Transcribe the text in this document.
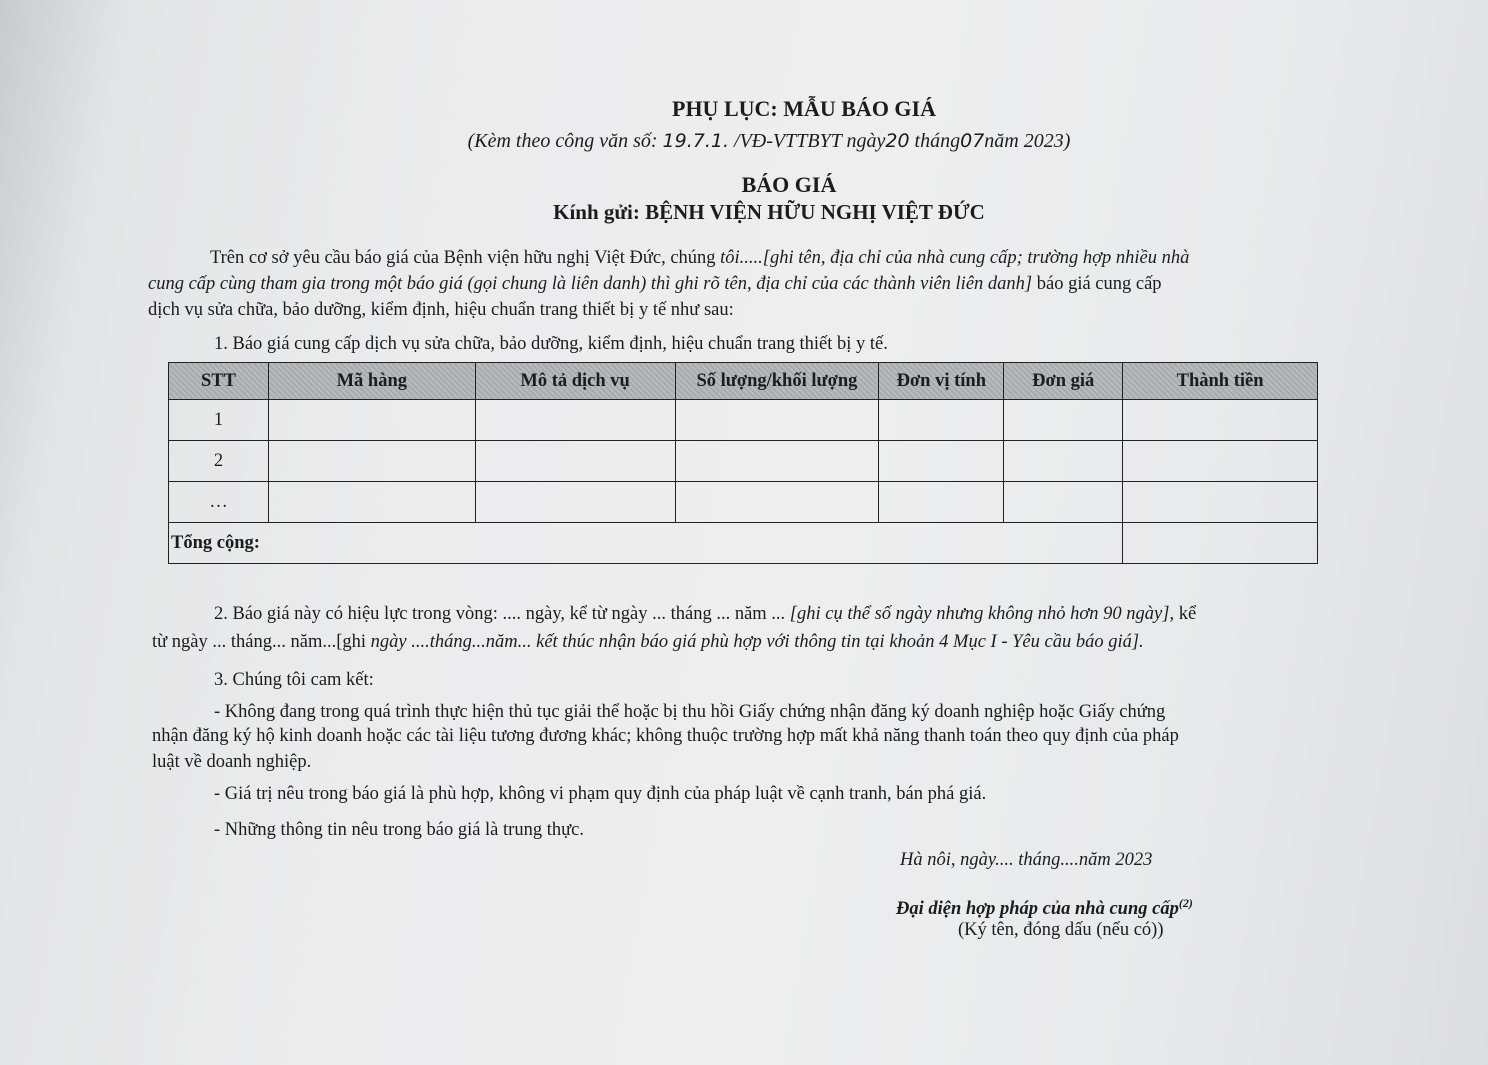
PHỤ LỤC: MẪU BÁO GIÁ
(Kèm theo công văn số: 19.7.1. /VĐ-VTTBYT ngày20 tháng07năm 2023)
BÁO GIÁ
Kính gửi: BỆNH VIỆN HỮU NGHỊ VIỆT ĐỨC
Trên cơ sở yêu cầu báo giá của Bệnh viện hữu nghị Việt Đức, chúng tôi.....[ghi tên, địa chỉ của nhà cung cấp; trường hợp nhiều nhà
cung cấp cùng tham gia trong một báo giá (gọi chung là liên danh) thì ghi rõ tên, địa chỉ của các thành viên liên danh] báo giá cung cấp
dịch vụ sửa chữa, bảo dưỡng, kiểm định, hiệu chuẩn trang thiết bị y tế như sau:
1. Báo giá cung cấp dịch vụ sửa chữa, bảo dưỡng, kiểm định, hiệu chuẩn trang thiết bị y tế.
STT	Mã hàng	Mô tả dịch vụ	Số lượng/khối lượng	Đơn vị tính	Đơn giá	Thành tiền
1						
2						
…						
Tổng cộng:						
2. Báo giá này có hiệu lực trong vòng: .... ngày, kể từ ngày ... tháng ... năm ... [ghi cụ thể số ngày nhưng không nhỏ hơn 90 ngày], kể
từ ngày ... tháng... năm...[ghi ngày ....tháng...năm... kết thúc nhận báo giá phù hợp với thông tin tại khoản 4 Mục I - Yêu cầu báo giá].
3. Chúng tôi cam kết:
- Không đang trong quá trình thực hiện thủ tục giải thể hoặc bị thu hồi Giấy chứng nhận đăng ký doanh nghiệp hoặc Giấy chứng
nhận đăng ký hộ kinh doanh hoặc các tài liệu tương đương khác; không thuộc trường hợp mất khả năng thanh toán theo quy định của pháp
luật về doanh nghiệp.
- Giá trị nêu trong báo giá là phù hợp, không vi phạm quy định của pháp luật về cạnh tranh, bán phá giá.
- Những thông tin nêu trong báo giá là trung thực.
Hà nôi, ngày.... tháng....năm 2023
Đại diện hợp pháp của nhà cung cấp$^{(2)}$
(Ký tên, đóng dấu (nếu có))
